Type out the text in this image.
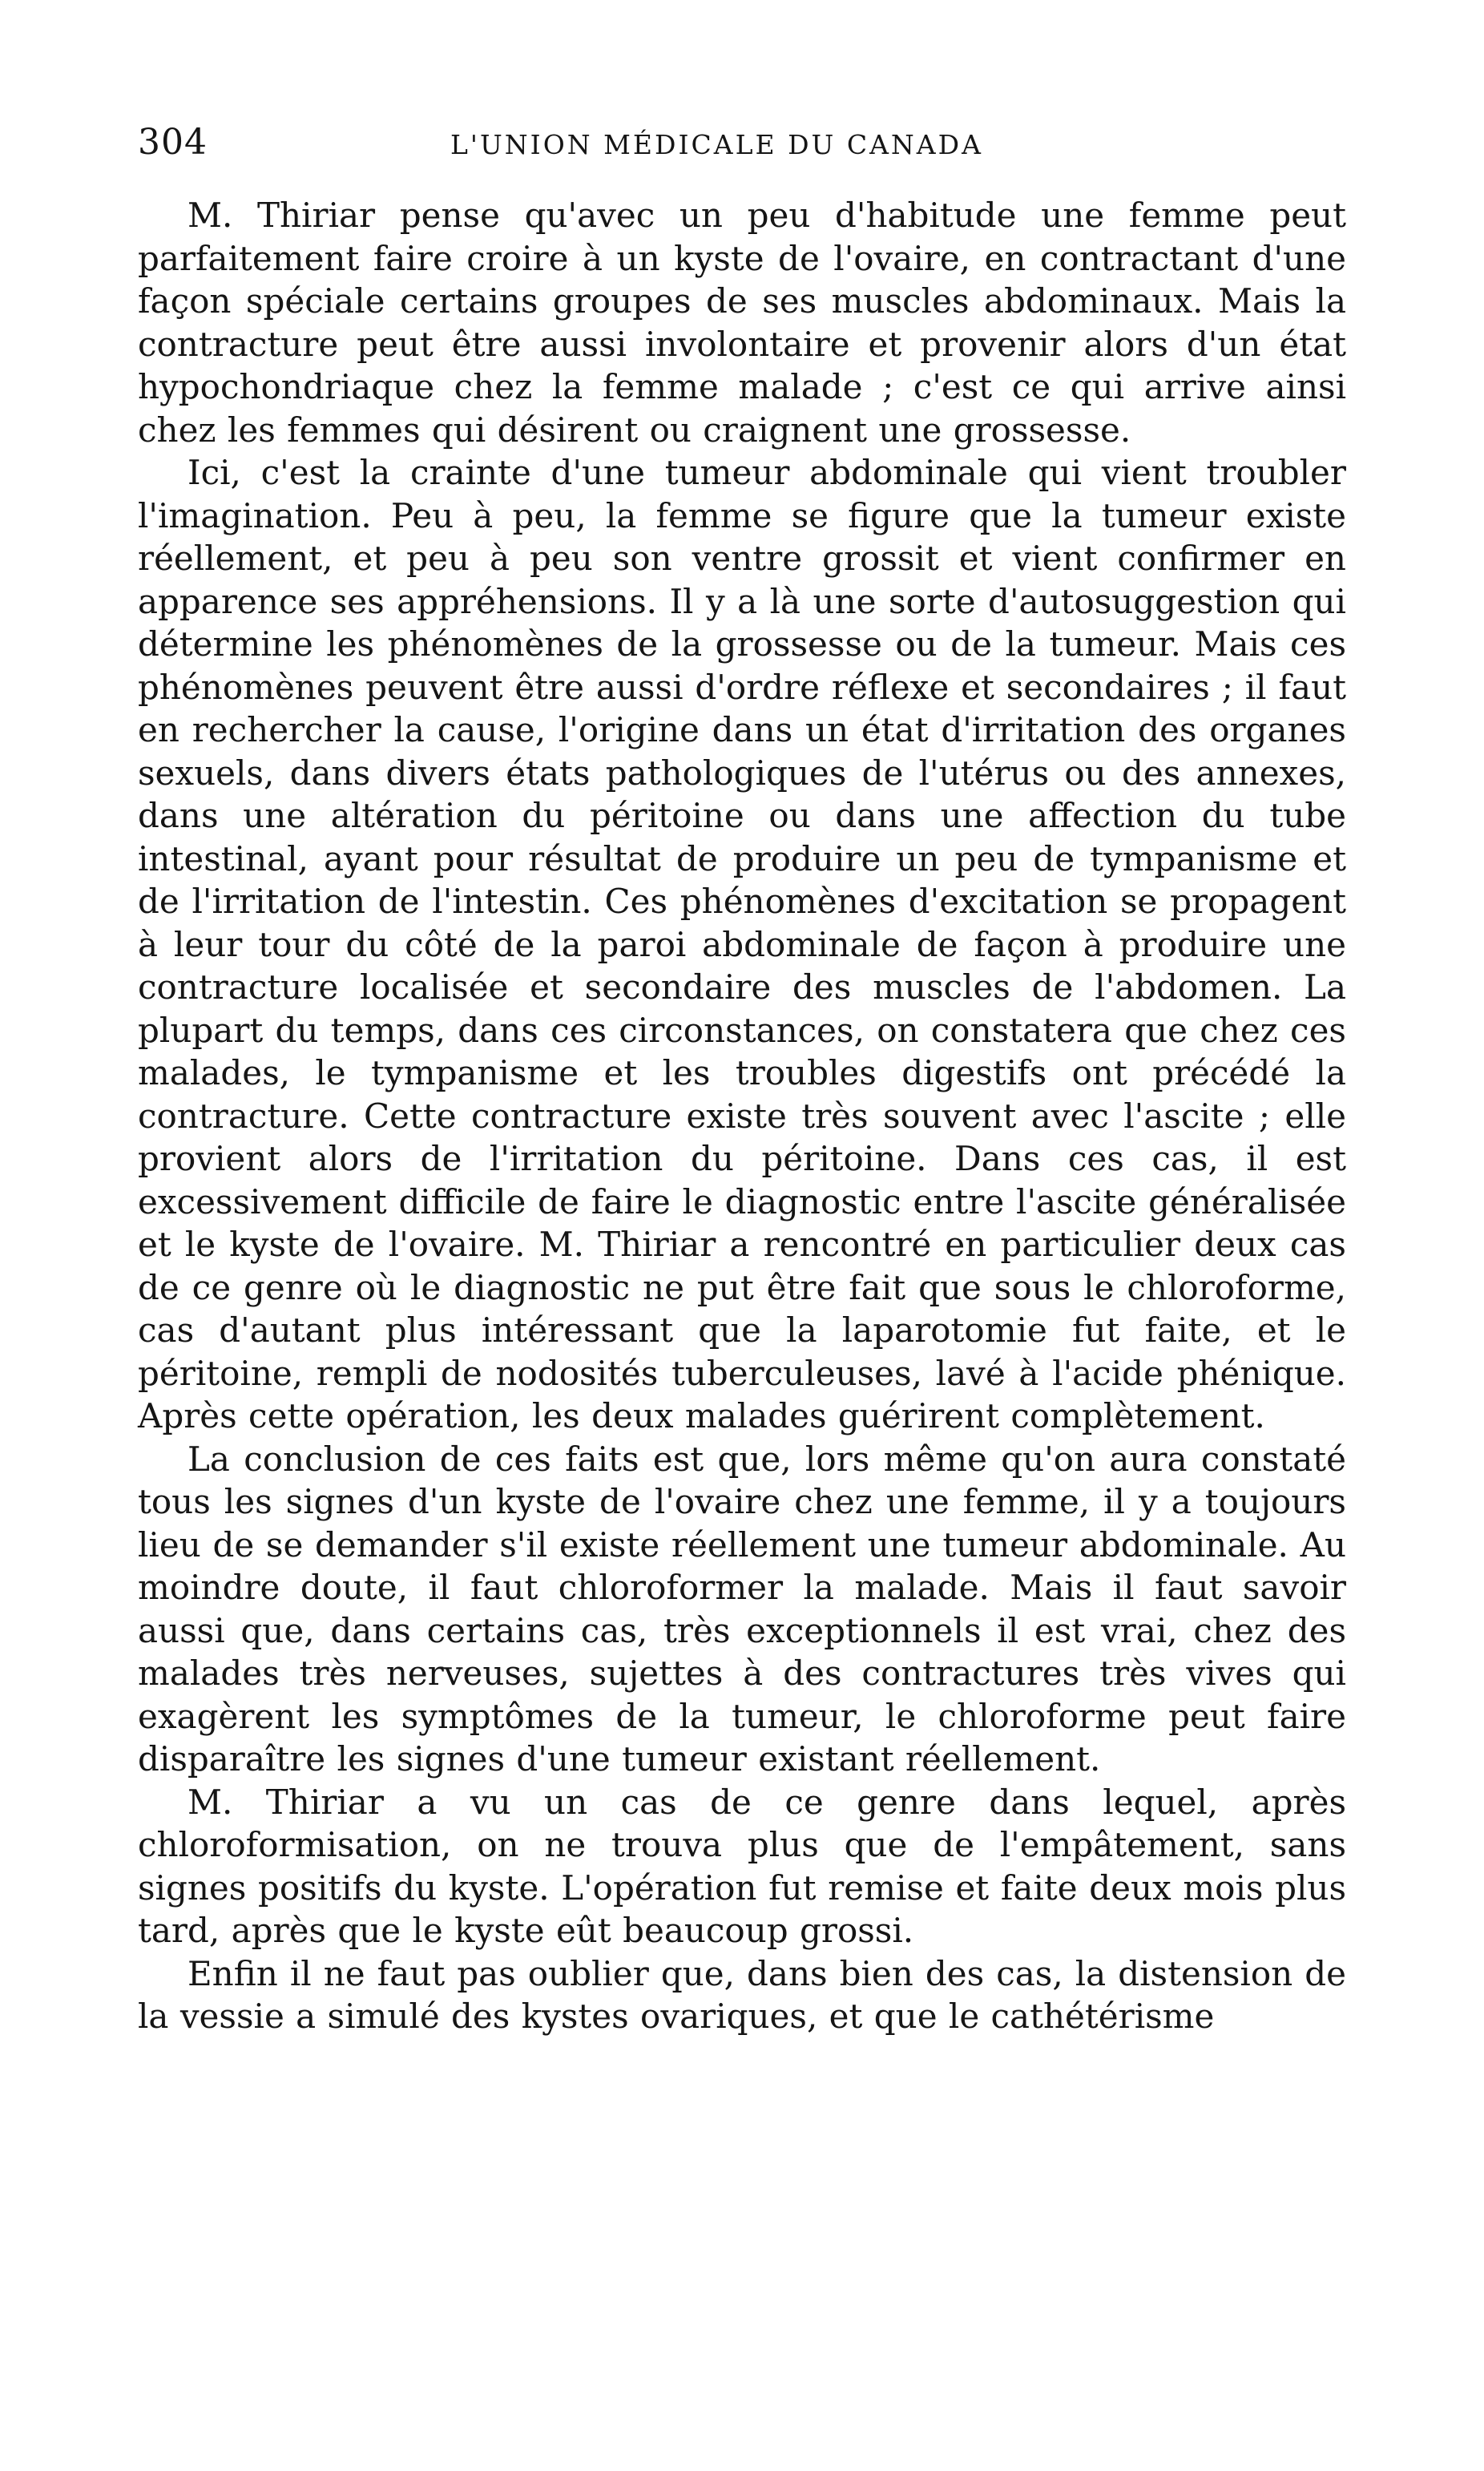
304	L'UNION MÉDICALE DU CANADA

M. Thiriar pense qu'avec un peu d'habitude une femme peut parfaitement faire croire à un kyste de l'ovaire, en contractant d'une façon spéciale certains groupes de ses muscles abdominaux. Mais la contracture peut être aussi involontaire et provenir alors d'un état hypochondriaque chez la femme malade ; c'est ce qui arrive ainsi chez les femmes qui désirent ou craignent une grossesse.

Ici, c'est la crainte d'une tumeur abdominale qui vient troubler l'imagination. Peu à peu, la femme se figure que la tumeur existe réellement, et peu à peu son ventre grossit et vient confirmer en apparence ses appréhensions. Il y a là une sorte d'autosuggestion qui détermine les phénomènes de la grossesse ou de la tumeur. Mais ces phénomènes peuvent être aussi d'ordre réflexe et secondaires ; il faut en rechercher la cause, l'origine dans un état d'irritation des organes sexuels, dans divers états pathologiques de l'utérus ou des annexes, dans une altération du péritoine ou dans une affection du tube intestinal, ayant pour résultat de produire un peu de tympanisme et de l'irritation de l'intestin. Ces phénomènes d'excitation se propagent à leur tour du côté de la paroi abdominale de façon à produire une contracture localisée et secondaire des muscles de l'abdomen. La plupart du temps, dans ces circonstances, on constatera que chez ces malades, le tympanisme et les troubles digestifs ont précédé la contracture. Cette contracture existe très souvent avec l'ascite ; elle provient alors de l'irritation du péritoine. Dans ces cas, il est excessivement difficile de faire le diagnostic entre l'ascite généralisée et le kyste de l'ovaire. M. Thiriar a rencontré en particulier deux cas de ce genre où le diagnostic ne put être fait que sous le chloroforme, cas d'autant plus intéressant que la laparotomie fut faite, et le péritoine, rempli de nodosités tuberculeuses, lavé à l'acide phénique. Après cette opération, les deux malades guérirent complètement.

La conclusion de ces faits est que, lors même qu'on aura constaté tous les signes d'un kyste de l'ovaire chez une femme, il y a toujours lieu de se demander s'il existe réellement une tumeur abdominale. Au moindre doute, il faut chloroformer la malade. Mais il faut savoir aussi que, dans certains cas, très exceptionnels il est vrai, chez des malades très nerveuses, sujettes à des contractures très vives qui exagèrent les symptômes de la tumeur, le chloroforme peut faire disparaître les signes d'une tumeur existant réellement.

M. Thiriar a vu un cas de ce genre dans lequel, après chloroformisation, on ne trouva plus que de l'empâtement, sans signes positifs du kyste. L'opération fut remise et faite deux mois plus tard, après que le kyste eût beaucoup grossi.

Enfin il ne faut pas oublier que, dans bien des cas, la distension de la vessie a simulé des kystes ovariques, et que le cathétérisme
